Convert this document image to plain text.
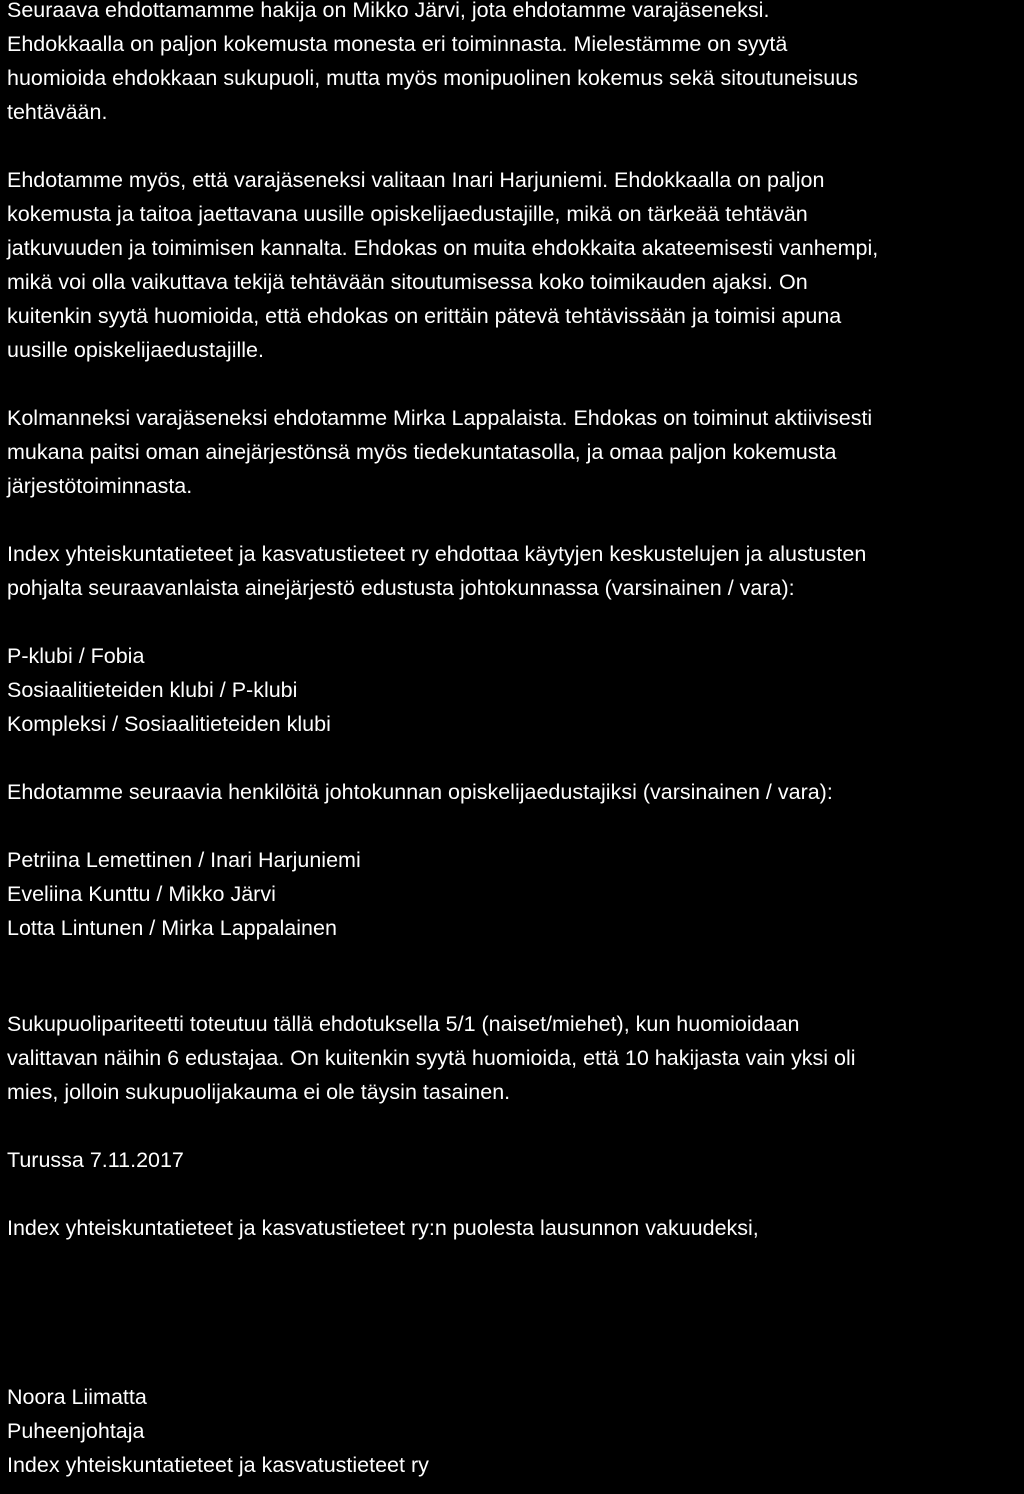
Seuraava ehdottamamme hakija on Mikko Järvi, jota ehdotamme varajäseneksi.
Ehdokkaalla on paljon kokemusta monesta eri toiminnasta. Mielestämme on syytä
huomioida ehdokkaan sukupuoli, mutta myös monipuolinen kokemus sekä sitoutuneisuus
tehtävään.

Ehdotamme myös, että varajäseneksi valitaan Inari Harjuniemi. Ehdokkaalla on paljon
kokemusta ja taitoa jaettavana uusille opiskelijaedustajille, mikä on tärkeää tehtävän
jatkuvuuden ja toimimisen kannalta. Ehdokas on muita ehdokkaita akateemisesti vanhempi,
mikä voi olla vaikuttava tekijä tehtävään sitoutumisessa koko toimikauden ajaksi. On
kuitenkin syytä huomioida, että ehdokas on erittäin pätevä tehtävissään ja toimisi apuna
uusille opiskelijaedustajille.

Kolmanneksi varajäseneksi ehdotamme Mirka Lappalaista. Ehdokas on toiminut aktiivisesti
mukana paitsi oman ainejärjestönsä myös tiedekuntatasolla, ja omaa paljon kokemusta
järjestötoiminnasta.

Index yhteiskuntatieteet ja kasvatustieteet ry ehdottaa käytyjen keskustelujen ja alustusten
pohjalta seuraavanlaista ainejärjestö edustusta johtokunnassa (varsinainen / vara):

P-klubi / Fobia
Sosiaalitieteiden klubi / P-klubi
Kompleksi / Sosiaalitieteiden klubi

Ehdotamme seuraavia henkilöitä johtokunnan opiskelijaedustajiksi (varsinainen / vara):

Petriina Lemettinen / Inari Harjuniemi
Eveliina Kunttu / Mikko Järvi
Lotta Lintunen / Mirka Lappalainen

Sukupuolipariteetti toteutuu tällä ehdotuksella 5/1 (naiset/miehet), kun huomioidaan
valittavan näihin 6 edustajaa. On kuitenkin syytä huomioida, että 10 hakijasta vain yksi oli
mies, jolloin sukupuolijakauma ei ole täysin tasainen.

Turussa 7.11.2017

Index yhteiskuntatieteet ja kasvatustieteet ry:n puolesta lausunnon vakuudeksi,

Noora Liimatta
Puheenjohtaja
Index yhteiskuntatieteet ja kasvatustieteet ry
